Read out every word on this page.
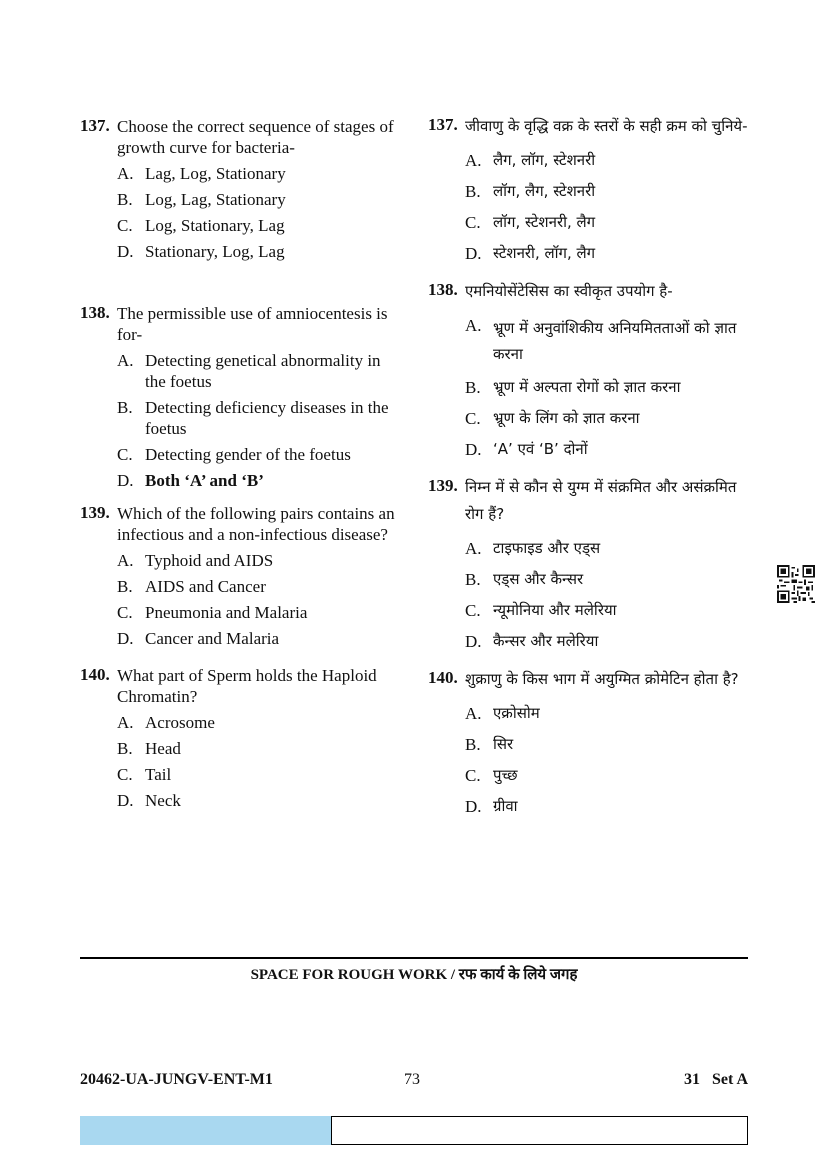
137. Choose the correct sequence of stages of growth curve for bacteria-
A. Lag, Log, Stationary
B. Log, Lag, Stationary
C. Log, Stationary, Lag
D. Stationary, Log, Lag
138. The permissible use of amniocentesis is for-
A. Detecting genetical abnormality in the foetus
B. Detecting deficiency diseases in the foetus
C. Detecting gender of the foetus
D. Both ‘A’ and ‘B’
139. Which of the following pairs contains an infectious and a non-infectious disease?
A. Typhoid and AIDS
B. AIDS and Cancer
C. Pneumonia and Malaria
D. Cancer and Malaria
140. What part of Sperm holds the Haploid Chromatin?
A. Acrosome
B. Head
C. Tail
D. Neck
137. जीवाणु के वृद्धि वक्र के स्तरों के सही क्रम को चुनिये-
A. लैग, लॉग, स्टेशनरी
B. लॉग, लैग, स्टेशनरी
C. लॉग, स्टेशनरी, लैग
D. स्टेशनरी, लॉग, लैग
138. एमनियोसेंटेसिस का स्वीकृत उपयोग है-
A. भ्रूण में अनुवांशिकीय अनियमितताओं को ज्ञात करना
B. भ्रूण में अल्पता रोगों को ज्ञात करना
C. भ्रूण के लिंग को ज्ञात करना
D. ‘A’ एवं ‘B’ दोनों
139. निम्न में से कौन से युग्म में संक्रमित और असंक्रमित रोग हैं?
A. टाइफाइड और एड्स
B. एड्स और कैन्सर
C. न्यूमोनिया और मलेरिया
D. कैन्सर और मलेरिया
140. शुक्राणु के किस भाग में अयुग्मित क्रोमेटिन होता है?
A. एक्रोसोम
B. सिर
C. पुच्छ
D. ग्रीवा
SPACE FOR ROUGH WORK / रफ कार्य के लिये जगह
20462-UA-JUNGV-ENT-M1	73	31   Set A
